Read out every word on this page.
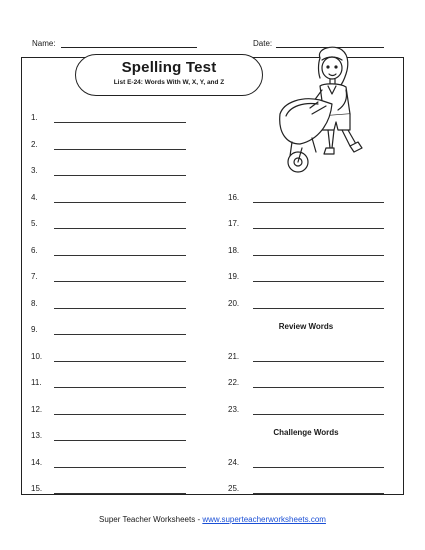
Name:	Date:
Spelling Test
List E-24: Words With W, X, Y, and Z
1.
2.
3.
4.
5.
6.
7.
8.
9.
10.
11.
12.
13.
14.
15.
16.
17.
18.
19.
20.
21.
22.
23.
24.
25.
Review Words
Challenge Words
Super Teacher Worksheets - www.superteacherworksheets.com
